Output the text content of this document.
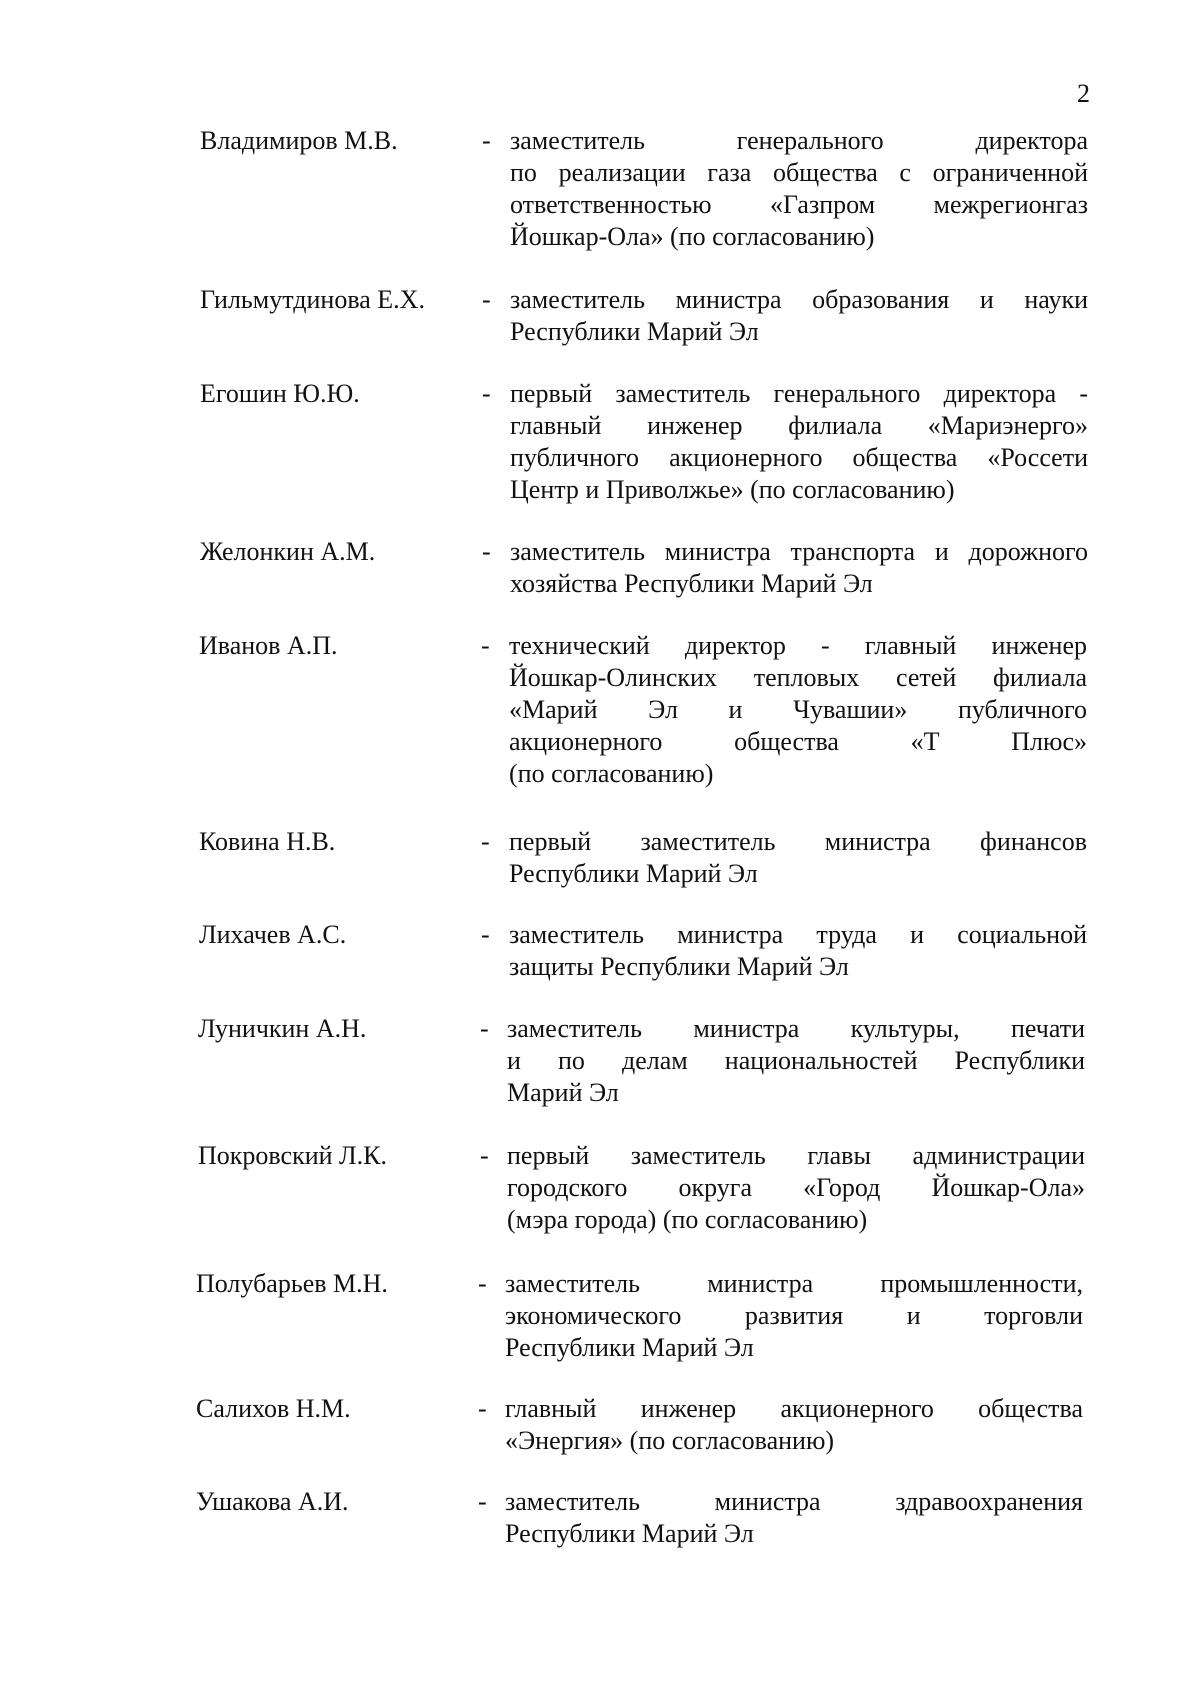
2
Владимиров М.В.	- заместитель генерального директора
по реализации газа общества с ограниченной
ответственностью «Газпром межрегионгаз
Йошкар-Ола» (по согласованию)
Гильмутдинова Е.Х.	- заместитель министра образования и науки
Республики Марий Эл
Егошин Ю.Ю.	- первый заместитель генерального директора -
главный инженер филиала «Мариэнерго»
публичного акционерного общества «Россети
Центр и Приволжье» (по согласованию)
Желонкин А.М.	- заместитель министра транспорта и дорожного
хозяйства Республики Марий Эл
Иванов А.П.	- технический директор - главный инженер
Йошкар-Олинских тепловых сетей филиала
«Марий Эл и Чувашии» публичного
акционерного общества «Т Плюс»
(по согласованию)
Ковина Н.В.	- первый заместитель министра финансов
Республики Марий Эл
Лихачев А.С.	- заместитель министра труда и социальной
защиты Республики Марий Эл
Луничкин А.Н.	- заместитель министра культуры, печати
и по делам национальностей Республики
Марий Эл
Покровский Л.К.	- первый заместитель главы администрации
городского округа «Город Йошкар-Ола»
(мэра города) (по согласованию)
Полубарьев М.Н.	- заместитель министра промышленности,
экономического развития и торговли
Республики Марий Эл
Салихов Н.М.	- главный инженер акционерного общества
«Энергия» (по согласованию)
Ушакова А.И.	- заместитель министра здравоохранения
Республики Марий Эл
